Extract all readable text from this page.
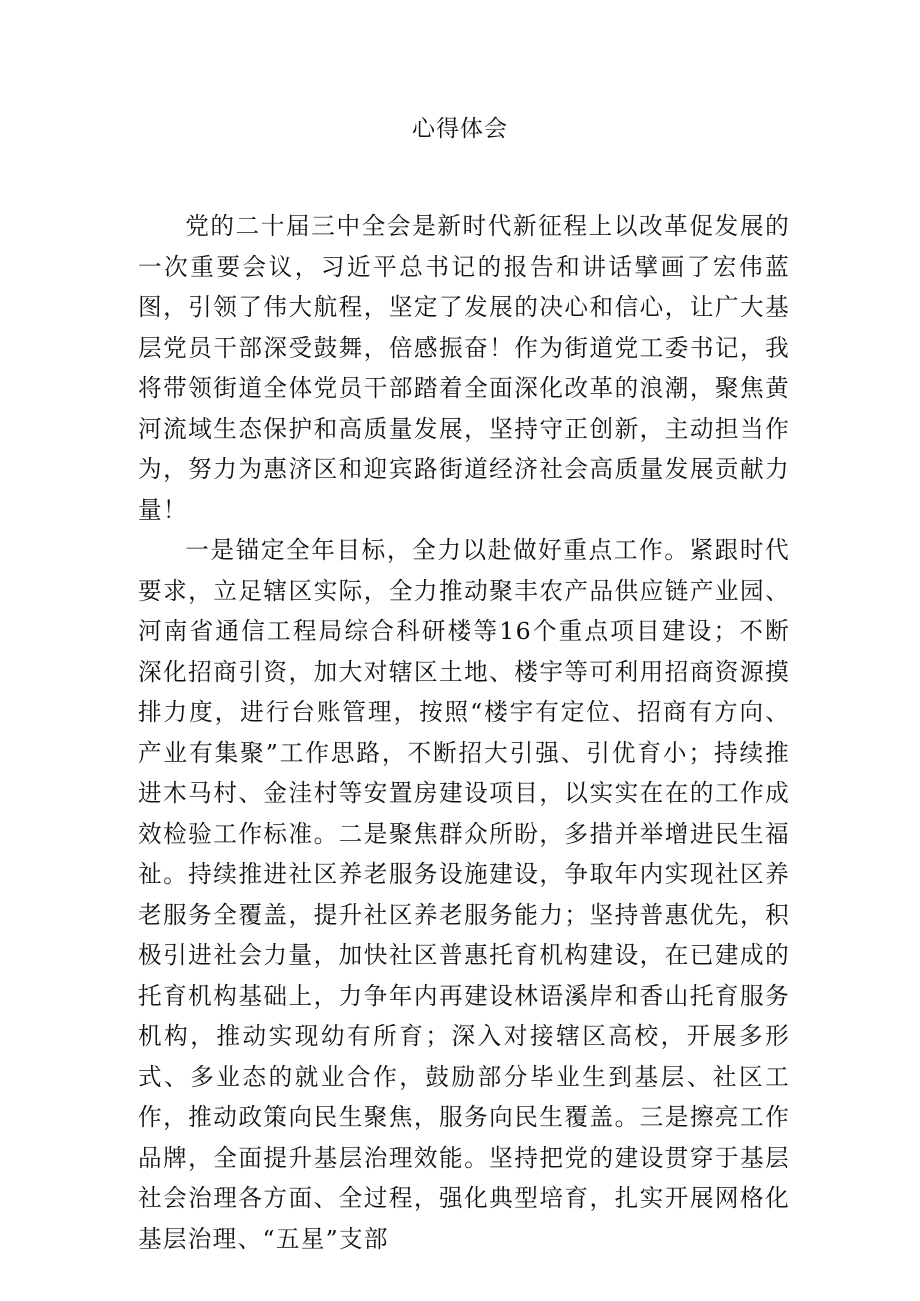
心得体会

党的二十届三中全会是新时代新征程上以改革促发展的一次重要会议，习近平总书记的报告和讲话擘画了宏伟蓝图，引领了伟大航程，坚定了发展的决心和信心，让广大基层党员干部深受鼓舞，倍感振奋！作为街道党工委书记，我将带领街道全体党员干部踏着全面深化改革的浪潮，聚焦黄河流域生态保护和高质量发展，坚持守正创新，主动担当作为，努力为惠济区和迎宾路街道经济社会高质量发展贡献力量！

一是锚定全年目标，全力以赴做好重点工作。紧跟时代要求，立足辖区实际，全力推动聚丰农产品供应链产业园、河南省通信工程局综合科研楼等16个重点项目建设；不断深化招商引资，加大对辖区土地、楼宇等可利用招商资源摸排力度，进行台账管理，按照“楼宇有定位、招商有方向、产业有集聚”工作思路，不断招大引强、引优育小；持续推进木马村、金洼村等安置房建设项目，以实实在在的工作成效检验工作标准。二是聚焦群众所盼，多措并举增进民生福祉。持续推进社区养老服务设施建设，争取年内实现社区养老服务全覆盖，提升社区养老服务能力；坚持普惠优先，积极引进社会力量，加快社区普惠托育机构建设，在已建成的托育机构基础上，力争年内再建设林语溪岸和香山托育服务机构，推动实现幼有所育；深入对接辖区高校，开展多形式、多业态的就业合作，鼓励部分毕业生到基层、社区工作，推动政策向民生聚焦，服务向民生覆盖。三是擦亮工作品牌，全面提升基层治理效能。坚持把党的建设贯穿于基层社会治理各方面、全过程，强化典型培育，扎实开展网格化基层治理、“五星”支部
